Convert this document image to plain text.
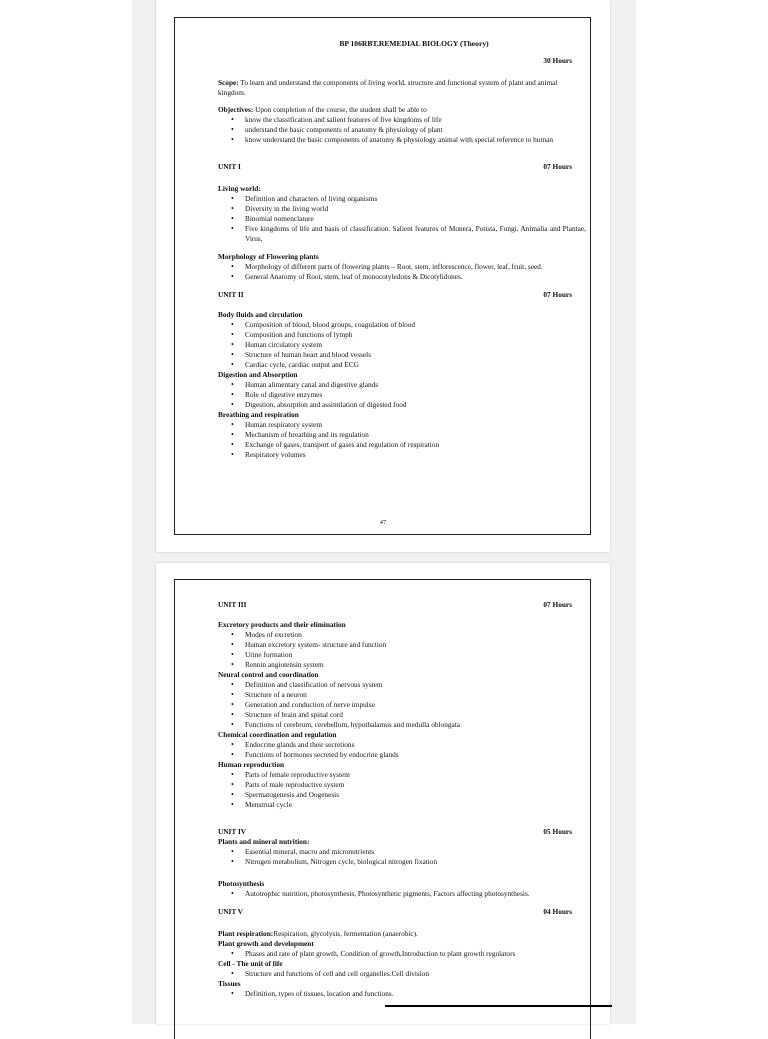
BP 106RBT.REMEDIAL BIOLOGY (Theory)
30 Hours
Scope: To learn and understand the components of living world, structure and functional system of plant and animal kingdom.
Objectives: Upon completion of the course, the student shall be able to
• know the classification and salient features of five kingdoms of life
• understand the basic components of anatomy & physiology of plant
• know understand the basic components of anatomy & physiology animal with special reference to human
UNIT I	07 Hours
Living world:
• Definition and characters of living organisms
• Diversity in the living world
• Binomial nomenclature
• Five kingdoms of life and basis of classification. Salient features of Monera, Potista, Fungi, Animalia and Plantae, Virus,
Morphology of Flowering plants
• Morphology of different parts of flowering plants – Root, stem, inflorescence, flower, leaf, fruit, seed.
• General Anatomy of Root, stem, leaf of monocotyledons & Dicotylidones.
UNIT II	07 Hours
Body fluids and circulation
• Composition of blood, blood groups, coagulation of blood
• Composition and functions of lymph
• Human circulatory system
• Structure of human heart and blood vessels
• Cardiac cycle, cardiac output and ECG
Digestion and Absorption
• Human alimentary canal and digestive glands
• Role of digestive enzymes
• Digestion, absorption and assimilation of digested food
Breathing and respiration
• Human respiratory system
• Mechanism of breathing and its regulation
• Exchange of gases, transport of gases and regulation of respiration
• Respiratory volumes
47
UNIT III	07 Hours
Excretory products and their elimination
• Modes of excretion
• Human excretory system- structure and function
• Urine formation
• Rennin angiotensin system
Neural control and coordination
• Definition and classification of nervous system
• Structure of a neuron
• Generation and conduction of nerve impulse
• Structure of brain and spinal cord
• Functions of cerebrum, cerebellum, hypothalamus and medulla oblongata
Chemical coordination and regulation
• Endocrine glands and their secretions
• Functions of hormones secreted by endocrine glands
Human reproduction
• Parts of female reproductive system
• Parts of male reproductive system
• Spermatogenesis and Oogenesis
• Menstrual cycle
UNIT IV	05 Hours
Plants and mineral nutrition:
• Essential mineral, macro and micronutrients
• Nitrogen metabolism, Nitrogen cycle, biological nitrogen fixation
Photosynthesis
• Autotrophic nutrition, photosynthesis, Photosynthetic pigments, Factors affecting photosynthesis.
UNIT V	04 Hours
Plant respiration:Respiration, glycolysis, fermentation (anaerobic).
Plant growth and development
• Phases and rate of plant growth, Condition of growth,Introduction to plant growth regulators
Cell - The unit of life
• Structure and functions of cell and cell organelles.Cell division
Tissues
• Definition, types of tissues, location and functions.
